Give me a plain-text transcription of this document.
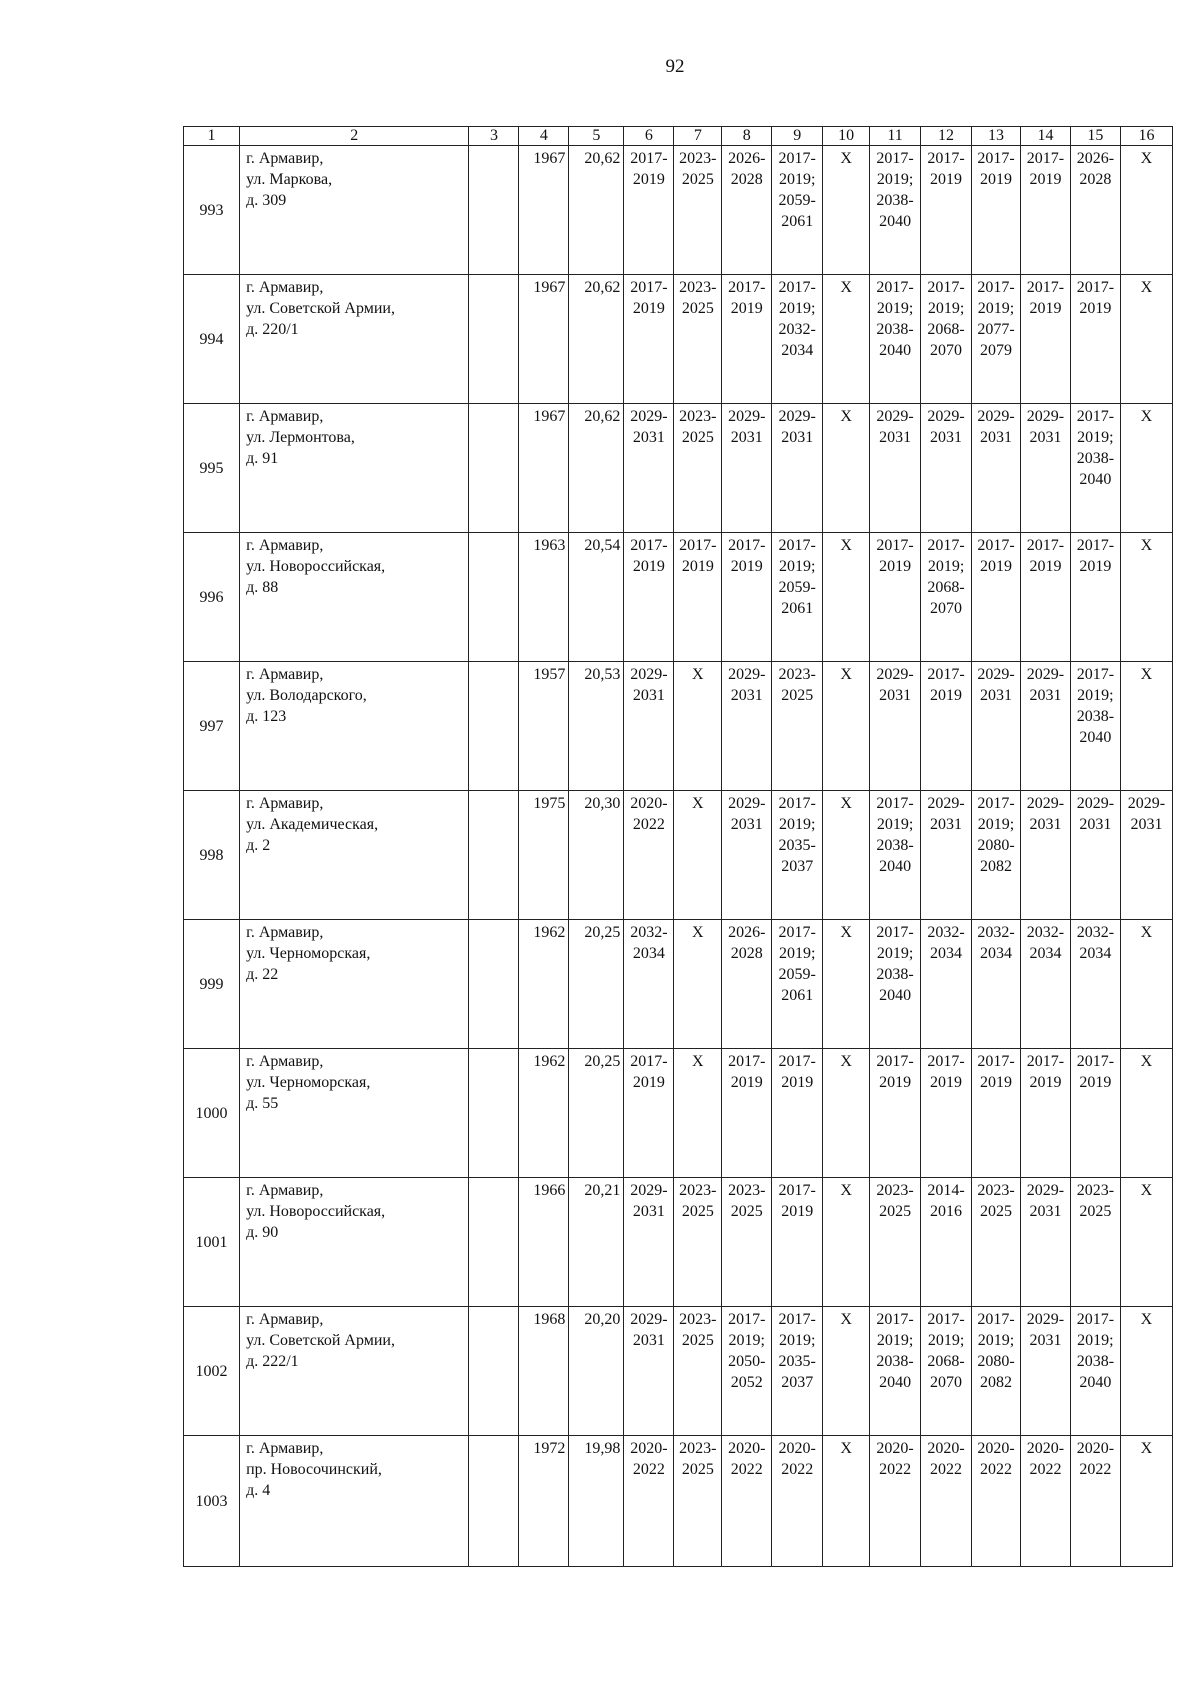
92
1	2	3	4	5	6	7	8	9	10	11	12	13	14	15	16
993	г. Армавир,
ул. Маркова,
д. 309		1967	20,62	2017-
2019	2023-
2025	2026-
2028	2017-
2019;
2059-
2061	X	2017-
2019;
2038-
2040	2017-
2019	2017-
2019	2017-
2019	2026-
2028	X
994	г. Армавир,
ул. Советской Армии,
д. 220/1		1967	20,62	2017-
2019	2023-
2025	2017-
2019	2017-
2019;
2032-
2034	X	2017-
2019;
2038-
2040	2017-
2019;
2068-
2070	2017-
2019;
2077-
2079	2017-
2019	2017-
2019	X
995	г. Армавир,
ул. Лермонтова,
д. 91		1967	20,62	2029-
2031	2023-
2025	2029-
2031	2029-
2031	X	2029-
2031	2029-
2031	2029-
2031	2029-
2031	2017-
2019;
2038-
2040	X
996	г. Армавир,
ул. Новороссийская,
д. 88		1963	20,54	2017-
2019	2017-
2019	2017-
2019	2017-
2019;
2059-
2061	X	2017-
2019	2017-
2019;
2068-
2070	2017-
2019	2017-
2019	2017-
2019	X
997	г. Армавир,
ул. Володарского,
д. 123		1957	20,53	2029-
2031	X	2029-
2031	2023-
2025	X	2029-
2031	2017-
2019	2029-
2031	2029-
2031	2017-
2019;
2038-
2040	X
998	г. Армавир,
ул. Академическая,
д. 2		1975	20,30	2020-
2022	X	2029-
2031	2017-
2019;
2035-
2037	X	2017-
2019;
2038-
2040	2029-
2031	2017-
2019;
2080-
2082	2029-
2031	2029-
2031	2029-
2031
999	г. Армавир,
ул. Черноморская,
д. 22		1962	20,25	2032-
2034	X	2026-
2028	2017-
2019;
2059-
2061	X	2017-
2019;
2038-
2040	2032-
2034	2032-
2034	2032-
2034	2032-
2034	X
1000	г. Армавир,
ул. Черноморская,
д. 55		1962	20,25	2017-
2019	X	2017-
2019	2017-
2019	X	2017-
2019	2017-
2019	2017-
2019	2017-
2019	2017-
2019	X
1001	г. Армавир,
ул. Новороссийская,
д. 90		1966	20,21	2029-
2031	2023-
2025	2023-
2025	2017-
2019	X	2023-
2025	2014-
2016	2023-
2025	2029-
2031	2023-
2025	X
1002	г. Армавир,
ул. Советской Армии,
д. 222/1		1968	20,20	2029-
2031	2023-
2025	2017-
2019;
2050-
2052	2017-
2019;
2035-
2037	X	2017-
2019;
2038-
2040	2017-
2019;
2068-
2070	2017-
2019;
2080-
2082	2029-
2031	2017-
2019;
2038-
2040	X
1003	г. Армавир,
пр. Новосочинский,
д. 4		1972	19,98	2020-
2022	2023-
2025	2020-
2022	2020-
2022	X	2020-
2022	2020-
2022	2020-
2022	2020-
2022	2020-
2022	X
